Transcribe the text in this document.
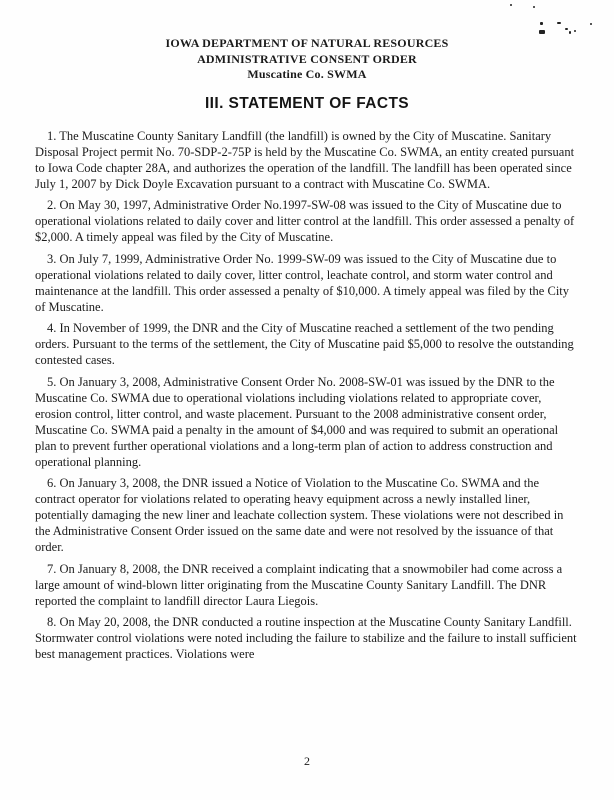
IOWA DEPARTMENT OF NATURAL RESOURCES
ADMINISTRATIVE CONSENT ORDER
Muscatine Co. SWMA
III. STATEMENT OF FACTS

1. The Muscatine County Sanitary Landfill (the landfill) is owned by the City of Muscatine. Sanitary Disposal Project permit No. 70-SDP-2-75P is held by the Muscatine Co. SWMA, an entity created pursuant to Iowa Code chapter 28A, and authorizes the operation of the landfill. The landfill has been operated since July 1, 2007 by Dick Doyle Excavation pursuant to a contract with Muscatine Co. SWMA.

2. On May 30, 1997, Administrative Order No.1997-SW-08 was issued to the City of Muscatine due to operational violations related to daily cover and litter control at the landfill. This order assessed a penalty of $2,000. A timely appeal was filed by the City of Muscatine.

3. On July 7, 1999, Administrative Order No. 1999-SW-09 was issued to the City of Muscatine due to operational violations related to daily cover, litter control, leachate control, and storm water control and maintenance at the landfill. This order assessed a penalty of $10,000. A timely appeal was filed by the City of Muscatine.

4. In November of 1999, the DNR and the City of Muscatine reached a settlement of the two pending orders. Pursuant to the terms of the settlement, the City of Muscatine paid $5,000 to resolve the outstanding contested cases.

5. On January 3, 2008, Administrative Consent Order No. 2008-SW-01 was issued by the DNR to the Muscatine Co. SWMA due to operational violations including violations related to appropriate cover, erosion control, litter control, and waste placement. Pursuant to the 2008 administrative consent order, Muscatine Co. SWMA paid a penalty in the amount of $4,000 and was required to submit an operational plan to prevent further operational violations and a long-term plan of action to address construction and operational planning.

6. On January 3, 2008, the DNR issued a Notice of Violation to the Muscatine Co. SWMA and the contract operator for violations related to operating heavy equipment across a newly installed liner, potentially damaging the new liner and leachate collection system. These violations were not described in the Administrative Consent Order issued on the same date and were not resolved by the issuance of that order.

7. On January 8, 2008, the DNR received a complaint indicating that a snowmobiler had come across a large amount of wind-blown litter originating from the Muscatine County Sanitary Landfill. The DNR reported the complaint to landfill director Laura Liegois.

8. On May 20, 2008, the DNR conducted a routine inspection at the Muscatine County Sanitary Landfill. Stormwater control violations were noted including the failure to stabilize and the failure to install sufficient best management practices. Violations were

2
